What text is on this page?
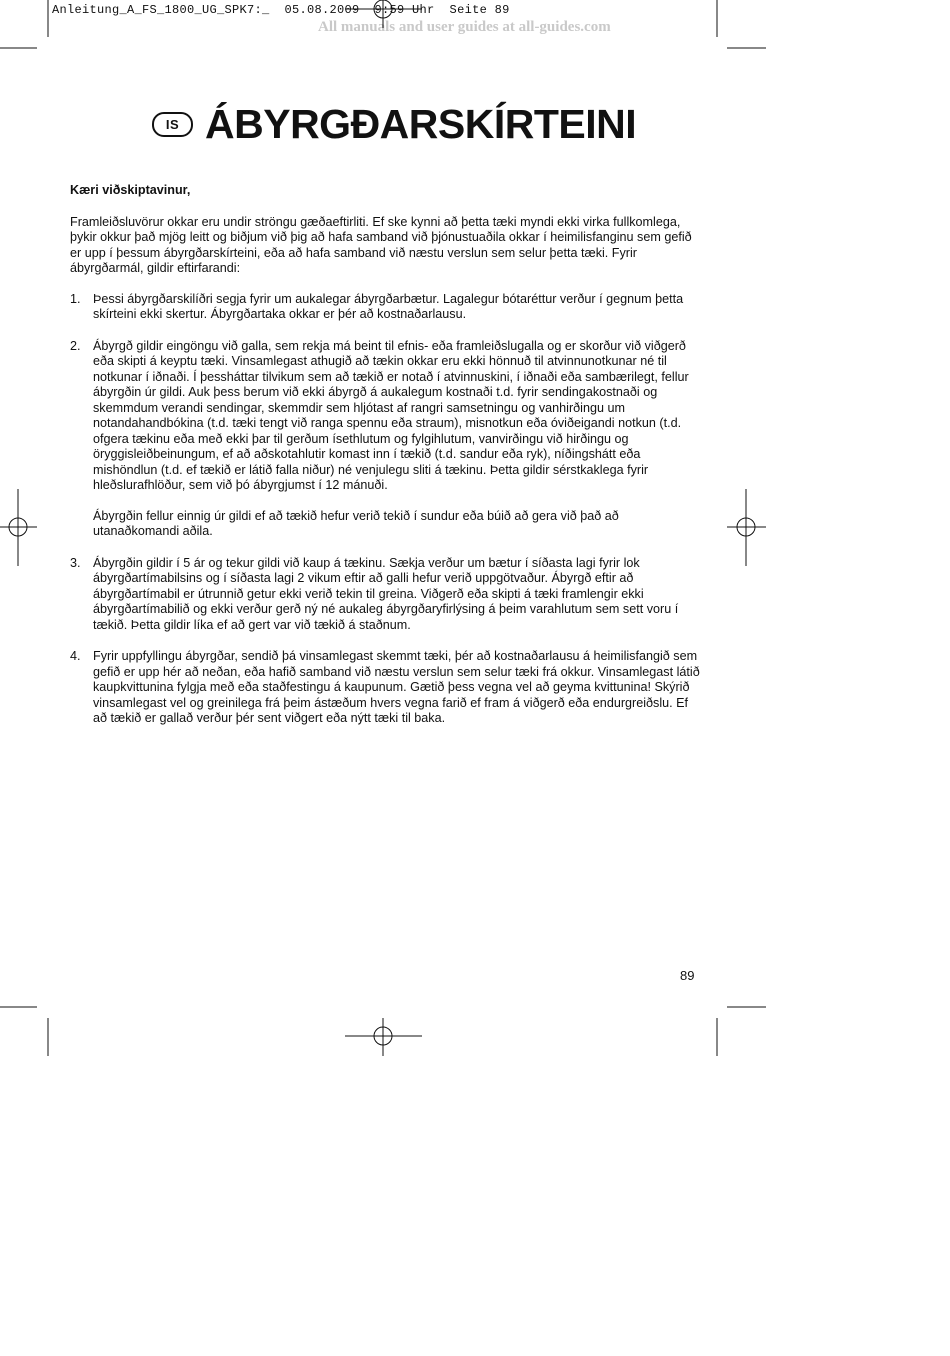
Anleitung_A_FS_1800_UG_SPK7:_  05.08.2009  9:59 Uhr  Seite 89
All manuals and user guides at all-guides.com
IS ÁBYRGÐARSKÍRTEINI

Kæri viðskiptavinur,

Framleiðsluvörur okkar eru undir ströngu gæðaeftirliti. Ef ske kynni að þetta tæki myndi ekki virka fullkomlega, þykir okkur það mjög leitt og biðjum við þig að hafa samband við þjónustuaðila okkar í heimilisfanginu sem gefið er upp í þessum ábyrgðarskírteini, eða að hafa samband við næstu verslun sem selur þetta tæki. Fyrir ábyrgðarmál, gildir eftirfarandi:

1. Þessi ábyrgðarskilíðri segja fyrir um aukalegar ábyrgðarbætur. Lagalegur bótaréttur verður í gegnum þetta skírteini ekki skertur. Ábyrgðartaka okkar er þér að kostnaðarlausu.

2. Ábyrgð gildir eingöngu við galla, sem rekja má beint til efnis- eða framleiðslugalla og er skorður við viðgerð eða skipti á keyptu tæki. Vinsamlegast athugið að tækin okkar eru ekki hönnuð til atvinnunotkunar né til notkunar í iðnaði. Í þessháttar tilvikum sem að tækið er notað í atvinnuskini, í iðnaði eða sambærilegt, fellur ábyrgðin úr gildi. Auk þess berum við ekki ábyrgð á aukalegum kostnaði t.d. fyrir sendingakostnaði og skemmdum verandi sendingar, skemmdir sem hljótast af rangri samsetningu og vanhirðingu um notandahandbókina (t.d. tæki tengt við ranga spennu eða straum), misnotkun eða óviðeigandi notkun (t.d. ofgera tækinu eða með ekki þar til gerðum ísethlutum og fylgihlutum, vanvirðingu við hirðingu og öryggisleiðbeinungum, ef að aðskotahlutir komast inn í tækið (t.d. sandur eða ryk), níðingshátt eða mishöndlun (t.d. ef tækið er látið falla niður) né venjulegu sliti á tækinu. Þetta gildir sérstkaklega fyrir hleðslurafhlöður, sem við þó ábyrgjumst í 12 mánuði.

Ábyrgðin fellur einnig úr gildi ef að tækið hefur verið tekið í sundur eða búið að gera við það að utanaðkomandi aðila.

3. Ábyrgðin gildir í 5 ár og tekur gildi við kaup á tækinu. Sækja verður um bætur í síðasta lagi fyrir lok ábyrgðartímabilsins og í síðasta lagi 2 vikum eftir að galli hefur verið uppgötvaður. Ábyrgð eftir að ábyrgðartímabil er útrunnið getur ekki verið tekin til greina. Viðgerð eða skipti á tæki framlengir ekki ábyrgðartímabilið og ekki verður gerð ný né aukaleg ábyrgðaryfirlýsing á þeim varahlutum sem sett voru í tækið. Þetta gildir líka ef að gert var við tækið á staðnum.

4. Fyrir uppfyllingu ábyrgðar, sendið þá vinsamlegast skemmt tæki, þér að kostnaðarlausu á heimilisfangið sem gefið er upp hér að neðan, eða hafið samband við næstu verslun sem selur tæki frá okkur. Vinsamlegast látið kaupkvittunina fylgja með eða staðfestingu á kaupunum. Gætið þess vegna vel að geyma kvittunina! Skýrið vinsamlegast vel og greinilega frá þeim ástæðum hvers vegna farið ef fram á viðgerð eða endurgreiðslu. Ef að tækið er gallað verður þér sent viðgert eða nýtt tæki til baka.

89
